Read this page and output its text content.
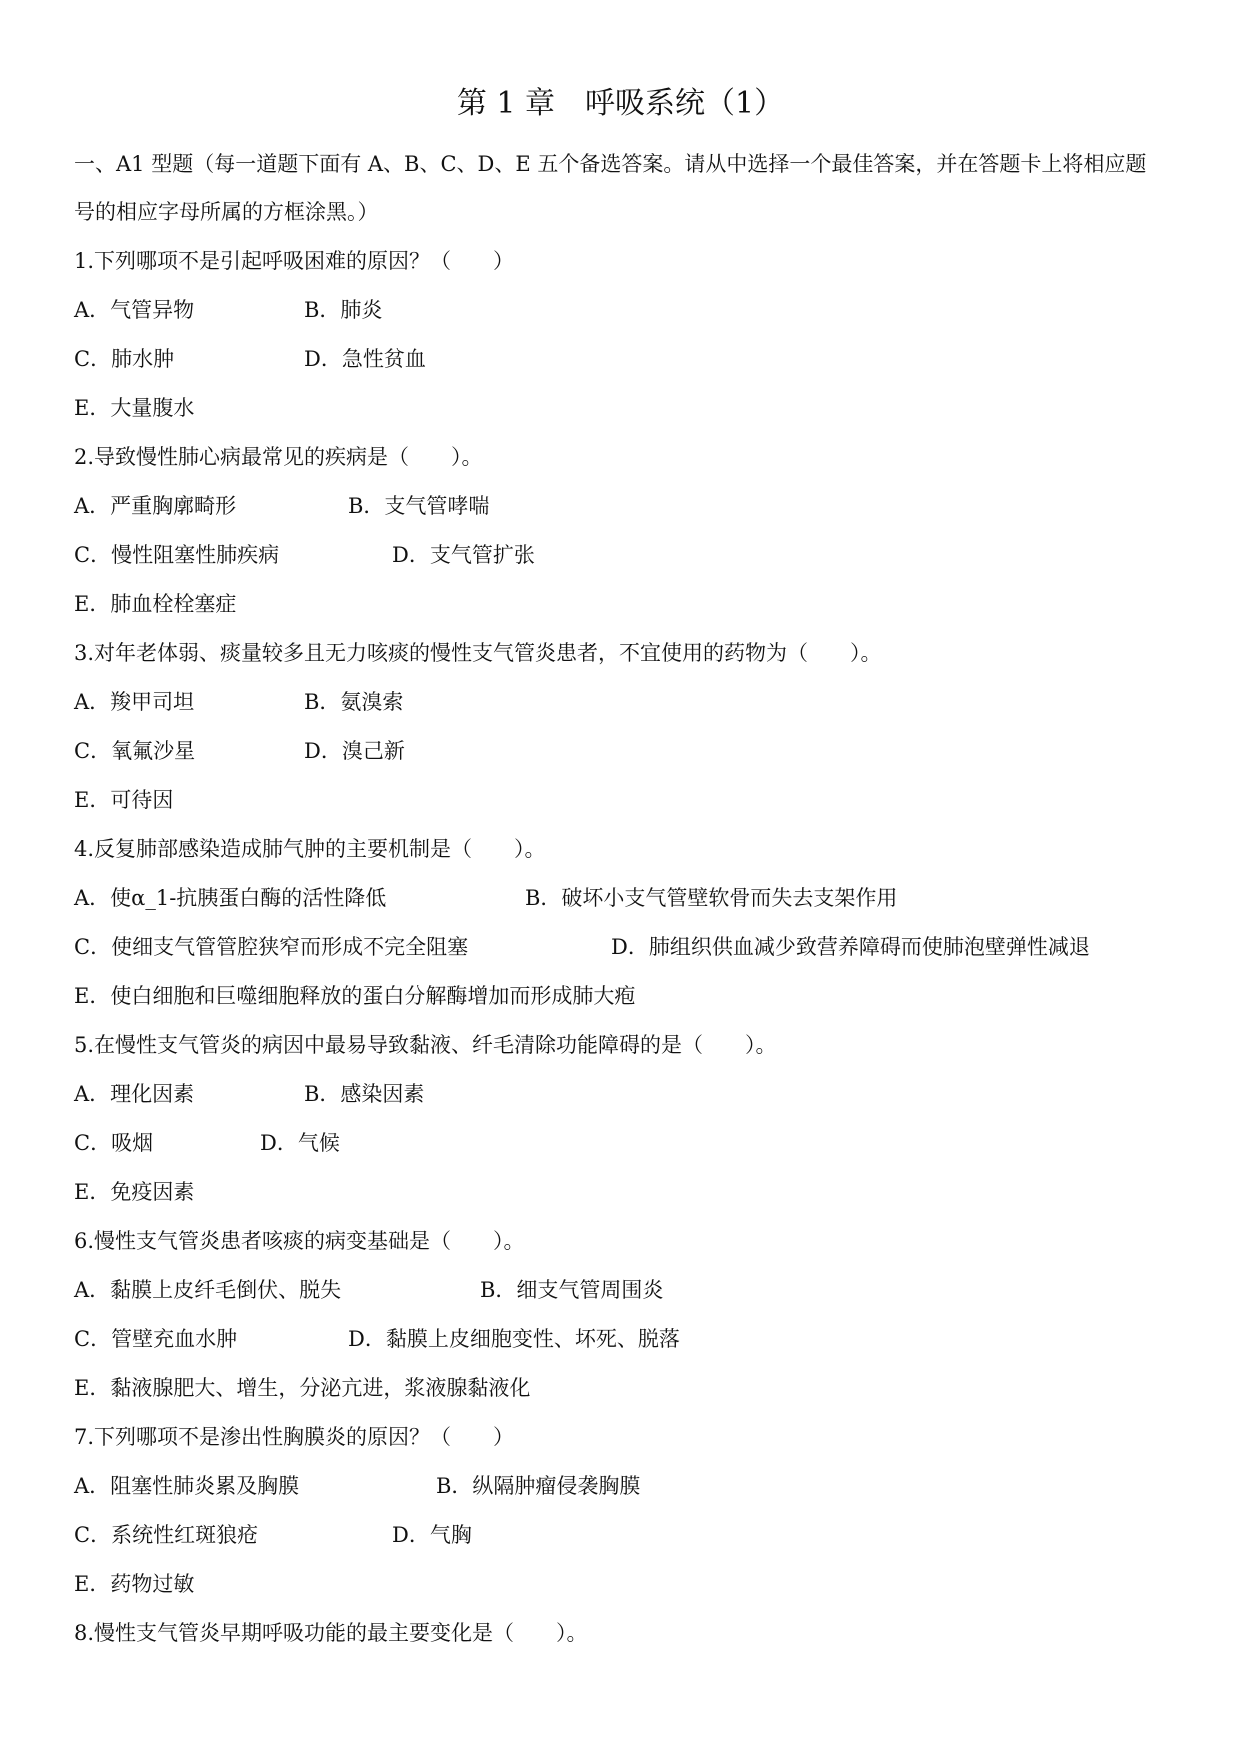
第 1 章　呼吸系统（1）
一、A1 型题（每一道题下面有 A、B、C、D、E 五个备选答案。请从中选择一个最佳答案，并在答题卡上将相应题
号的相应字母所属的方框涂黑。）
1.下列哪项不是引起呼吸困难的原因？（　　）
A．气管异物	B．肺炎
C．肺水肿	D．急性贫血
E．大量腹水
2.导致慢性肺心病最常见的疾病是（　　）。
A．严重胸廓畸形	B．支气管哮喘
C．慢性阻塞性肺疾病	D．支气管扩张
E．肺血栓栓塞症
3.对年老体弱、痰量较多且无力咳痰的慢性支气管炎患者，不宜使用的药物为（　　）。
A．羧甲司坦	B．氨溴索
C．氧氟沙星	D．溴己新
E．可待因
4.反复肺部感染造成肺气肿的主要机制是（　　）。
A．使α_1-抗胰蛋白酶的活性降低	B．破坏小支气管壁软骨而失去支架作用
C．使细支气管管腔狭窄而形成不完全阻塞	D．肺组织供血减少致营养障碍而使肺泡壁弹性减退
E．使白细胞和巨噬细胞释放的蛋白分解酶增加而形成肺大疱
5.在慢性支气管炎的病因中最易导致黏液、纤毛清除功能障碍的是（　　）。
A．理化因素	B．感染因素
C．吸烟	D．气候
E．免疫因素
6.慢性支气管炎患者咳痰的病变基础是（　　）。
A．黏膜上皮纤毛倒伏、脱失	B．细支气管周围炎
C．管壁充血水肿	D．黏膜上皮细胞变性、坏死、脱落
E．黏液腺肥大、增生，分泌亢进，浆液腺黏液化
7.下列哪项不是渗出性胸膜炎的原因？（　　）
A．阻塞性肺炎累及胸膜	B．纵隔肿瘤侵袭胸膜
C．系统性红斑狼疮	D．气胸
E．药物过敏
8.慢性支气管炎早期呼吸功能的最主要变化是（　　）。
